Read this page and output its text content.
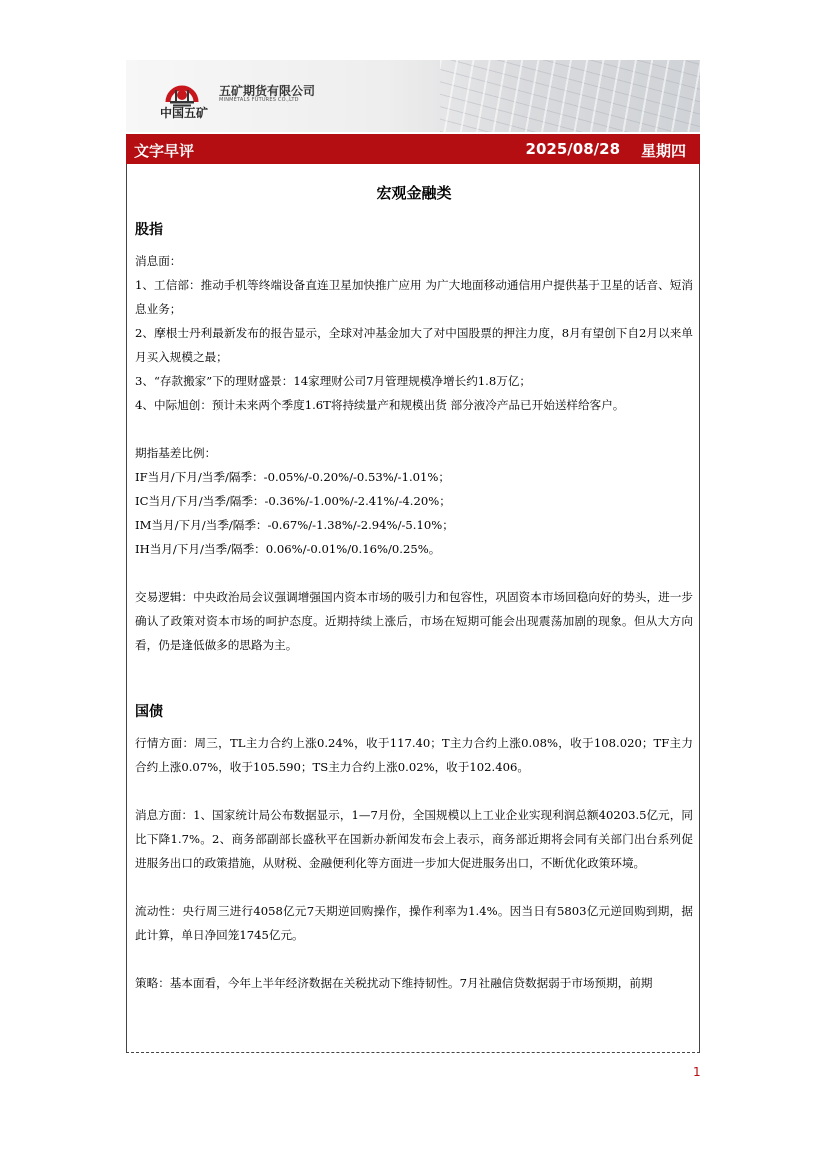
中国五矿
五矿期货有限公司
MINMETALS FUTURES CO.,LTD
文字早评	2025/08/28 星期四
宏观金融类
股指

消息面：

1、工信部：推动手机等终端设备直连卫星加快推广应用 为广大地面移动通信用户提供基于卫星的话音、短消息业务；

2、摩根士丹利最新发布的报告显示，全球对冲基金加大了对中国股票的押注力度，8月有望创下自2月以来单月买入规模之最；

3、“存款搬家”下的理财盛景：14家理财公司7月管理规模净增长约1.8万亿；

4、中际旭创：预计未来两个季度1.6T将持续量产和规模出货 部分液冷产品已开始送样给客户。

期指基差比例：

IF当月/下月/当季/隔季：-0.05%/-0.20%/-0.53%/-1.01%；

IC当月/下月/当季/隔季：-0.36%/-1.00%/-2.41%/-4.20%；

IM当月/下月/当季/隔季：-0.67%/-1.38%/-2.94%/-5.10%；

IH当月/下月/当季/隔季：0.06%/-0.01%/0.16%/0.25%。

交易逻辑：中央政治局会议强调增强国内资本市场的吸引力和包容性，巩固资本市场回稳向好的势头，进一步确认了政策对资本市场的呵护态度。近期持续上涨后，市场在短期可能会出现震荡加剧的现象。但从大方向看，仍是逢低做多的思路为主。

国债

行情方面：周三，TL主力合约上涨0.24%，收于117.40；T主力合约上涨0.08%，收于108.020；TF主力合约上涨0.07%，收于105.590；TS主力合约上涨0.02%，收于102.406。

消息方面：1、国家统计局公布数据显示，1—7月份，全国规模以上工业企业实现利润总额40203.5亿元，同比下降1.7%。2、商务部副部长盛秋平在国新办新闻发布会上表示，商务部近期将会同有关部门出台系列促进服务出口的政策措施，从财税、金融便利化等方面进一步加大促进服务出口，不断优化政策环境。

流动性：央行周三进行4058亿元7天期逆回购操作，操作利率为1.4%。因当日有5803亿元逆回购到期，据此计算，单日净回笼1745亿元。

策略：基本面看，今年上半年经济数据在关税扰动下维持韧性。7月社融信贷数据弱于市场预期，前期

1
